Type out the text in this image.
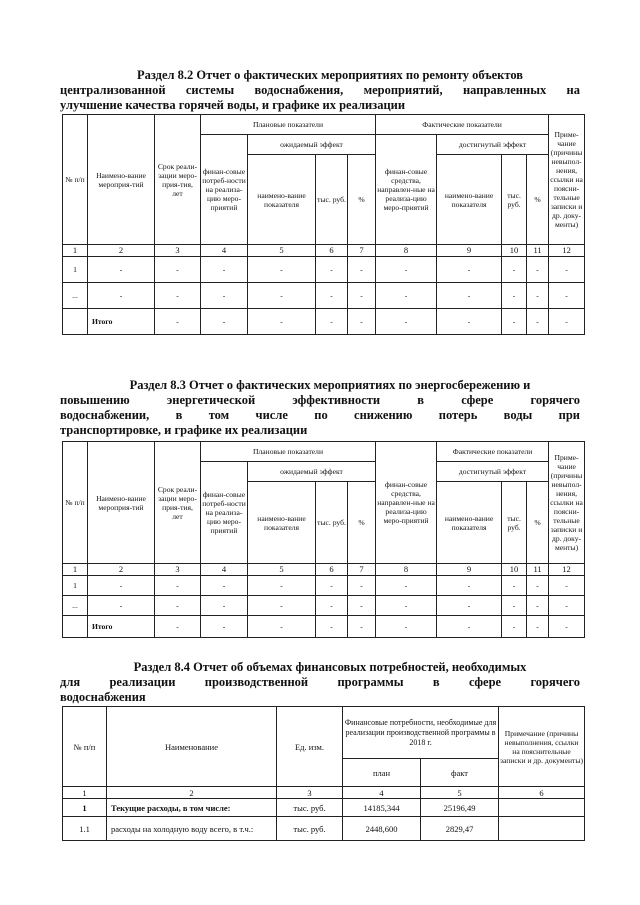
Раздел 8.2 Отчет о фактических мероприятиях по ремонту объектов
централизованной системы водоснабжения, мероприятий, направленных на
улучшение качества горячей воды, и графике их реализации
№ п/п	Наимено-вание мероприя-тий	Срок реали-зации меро-прия-тия, лет	Плановые показатели				Фактические показатели				Приме-чание (причины невыпол-нения, ссылки на поясни-тельные записки и др. доку-менты)
			финан-совые потреб-ности на реализа-цию меро-приятий	ожидаемый эффект			финан-совые средства, направлен-ные на реализа-цию меро-приятий	достигнутый эффект			
				наимено-вание показателя	тыс. руб.	%		наимено-вание показателя	тыс. руб.	%	
1	2	3	4	5	6	7	8	9	10	11	12
1	-	-	-	-	-	-	-	-	-	-	-
...	-	-	-	-	-	-	-	-	-	-	-
	Итого	-	-	-	-	-	-	-	-	-	-
Раздел 8.3 Отчет о фактических мероприятиях по энергосбережению и
повышению энергетической эффективности в сфере горячего
водоснабжении, в том числе по снижению потерь воды при
транспортировке, и графике их реализации
№ п/п	Наимено-вание мероприя-тий	Срок реали-зации меро-прия-тия, лет	Плановые показатели				финан-совые средства, направлен-ные на реализа-цию меро-приятий	Фактические показатели			Приме-чание (причины невыпол-нения, ссылки на поясни-тельные записки и др. доку-менты)
			финан-совые потреб-ности на реализа-цию меро-приятий	ожидаемый эффект				достигнутый эффект			
				наимено-вание показателя	тыс. руб.	%		наимено-вание показателя	тыс. руб.	%	
1	2	3	4	5	6	7	8	9	10	11	12
1	-	-	-	-	-	-	-	-	-	-	-
...	-	-	-	-	-	-	-	-	-	-	-
	Итого	-	-	-	-	-	-	-	-	-	-
Раздел 8.4 Отчет об объемах финансовых потребностей, необходимых
для реализации производственной программы в сфере горячего
водоснабжения
№ п/п	Наименование	Ед. изм.	Финансовые потребности, необходимые для реализации производственной программы в 2018 г.		Примечание (причины невыполнения, ссылки на пояснительные записки и др. документы)
			план	факт	
1	2	3	4	5	6
1	Текущие расходы, в том числе:	тыс. руб.	14185,344	25196,49	
1.1	расходы на холодную воду всего, в т.ч.:	тыс. руб.	2448,600	2829,47	
